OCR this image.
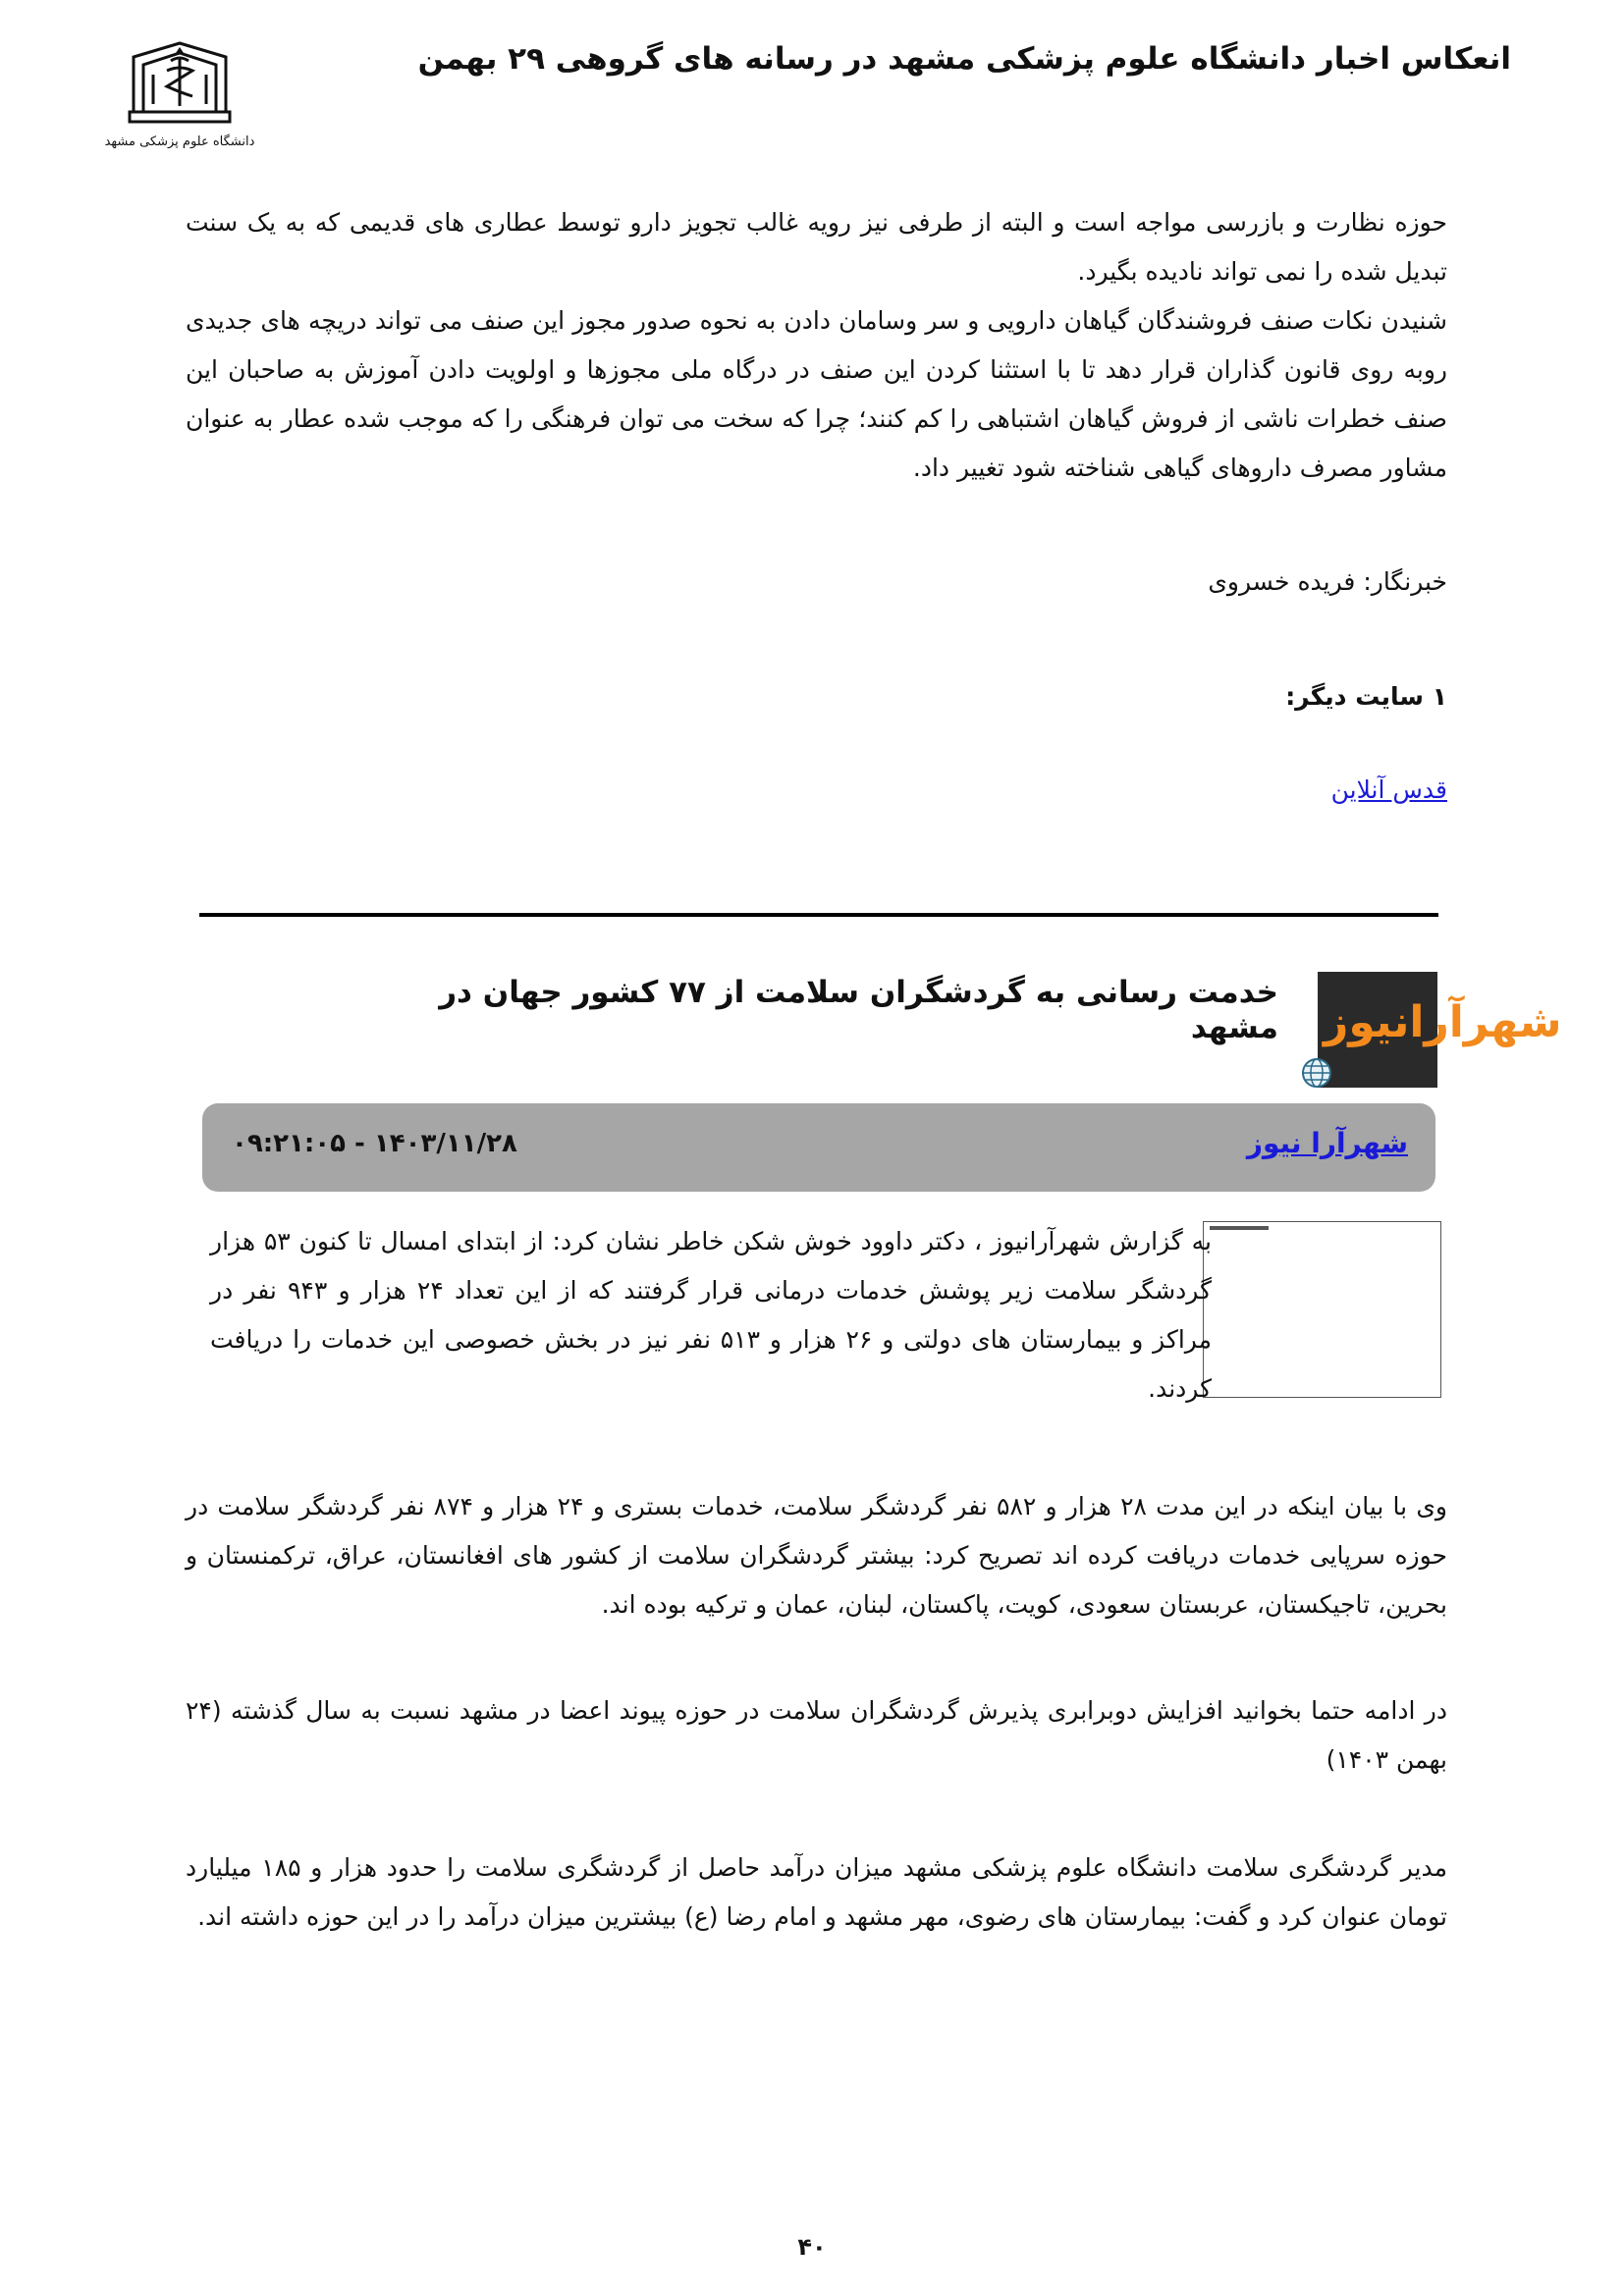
انعکاس اخبار دانشگاه علوم پزشکی مشهد در رسانه های گروهی ۲۹ بهمن
دانشگاه علوم پزشکی مشهد

حوزه نظارت و بازرسی مواجه است و البته از طرفی نیز رویه غالب تجویز دارو توسط عطاری های قدیمی که به یک سنت تبدیل شده را نمی تواند نادیده بگیرد.

شنیدن نکات صنف فروشندگان گیاهان دارویی و سر وسامان دادن به نحوه صدور مجوز این صنف می تواند دریچه های جدیدی روبه روی قانون گذاران قرار دهد تا با استثنا کردن این صنف در درگاه ملی مجوزها و اولویت دادن آموزش به صاحبان این صنف خطرات ناشی از فروش گیاهان اشتباهی را کم کنند؛ چرا که سخت می توان فرهنگی را که موجب شده عطار به عنوان مشاور مصرف داروهای گیاهی شناخته شود تغییر داد.

خبرنگار: فریده خسروی
۱ سایت دیگر:
قدس آنلاین
شهرآرانیوز
خدمت رسانی به گردشگران سلامت از ۷۷ کشور جهان در مشهد
شهرآرا نیوز
۰۹:۲۱:۰۵ - ۱۴۰۳/۱۱/۲۸

به گزارش شهرآرانیوز ، دکتر داوود خوش شکن خاطر نشان کرد: از ابتدای امسال تا کنون ۵۳ هزار گردشگر سلامت زیر پوشش خدمات درمانی قرار گرفتند که از این تعداد ۲۴ هزار و ۹۴۳ نفر در مراکز و بیمارستان های دولتی و ۲۶ هزار و ۵۱۳ نفر نیز در بخش خصوصی این خدمات را دریافت کردند.

وی با بیان اینکه در این مدت ۲۸ هزار و ۵۸۲ نفر گردشگر سلامت، خدمات بستری و ۲۴ هزار و ۸۷۴ نفر گردشگر سلامت در حوزه سرپایی خدمات دریافت کرده اند تصریح کرد: بیشتر گردشگران سلامت از کشور های افغانستان، عراق، ترکمنستان و بحرین، تاجیکستان، عربستان سعودی، کویت، پاکستان، لبنان، عمان و ترکیه بوده اند.

در ادامه حتما بخوانید افزایش دوبرابری پذیرش گردشگران سلامت در حوزه پیوند اعضا در مشهد نسبت به سال گذشته (۲۴ بهمن ۱۴۰۳)

مدیر گردشگری سلامت دانشگاه علوم پزشکی مشهد میزان درآمد حاصل از گردشگری سلامت را حدود هزار و ۱۸۵ میلیارد تومان عنوان کرد و گفت: بیمارستان های رضوی، مهر مشهد و امام رضا (ع) بیشترین میزان درآمد را در این حوزه داشته اند.

۴۰
